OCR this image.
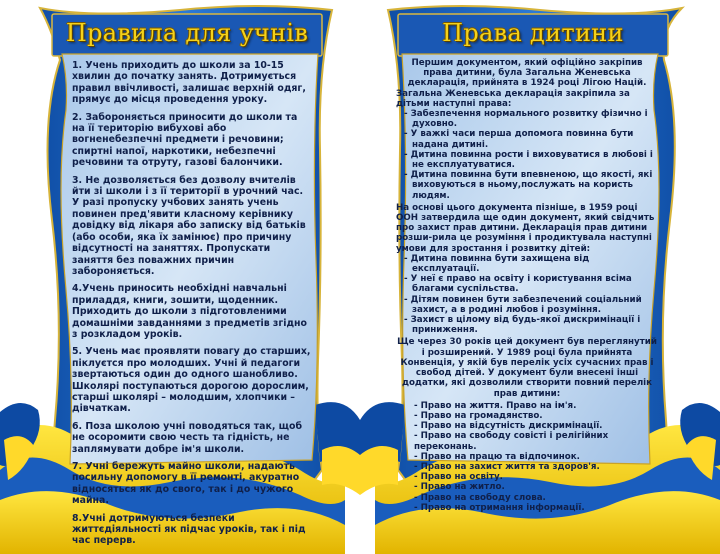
Правила для учнів

1. Учень приходить до школи за 10-15 хвилин до початку занять. Дотримується правил ввічливості, залишає верхній одяг, прямує до місця проведення уроку.

2. Забороняється приносити до школи та на її територію вибухові або вогненебезпечні предмети і речовини; спиртні напої, наркотики, небезпечні речовини та отруту, газові балончики.

3. Не дозволяється без дозволу вчителів йти зі школи і з її території в урочний час. У разі пропуску учбових занять учень повинен пред'явити класному керівнику довідку від лікаря або записку від батьків (або особи, яка їх замінює) про причину відсутності на заняттях. Пропускати заняття без поважних причин забороняється.

4.Учень приносить необхідні навчальні приладдя, книги, зошити, щоденник. Приходить до школи з підготовленими домашніми завданнями з предметів згідно з розкладом уроків.

5. Учень має проявляти повагу до старших, піклуєтся про молодших. Учні й педагоги звертаються один до одного шанобливо. Школярі поступаються дорогою дорослим, старші школярі – молодшим, хлопчики – дівчаткам.

6. Поза школою учні поводяться так, щоб не осоромити свою честь та гідність, не заплямувати добре ім'я школи.

7. Учні бережуть майно школи, надають посильну допомогу в її ремонті, акуратно відносяться як до свого, так і до чужого майна.

8.Учні дотримуються безпеки життєдіяльності як підчас уроків, так і під час перерв.

Права дитини

Першим документом, який офіційно закріпив права дитини, була Загальна Женевська декларація, прийнята в 1924 році Лігою Націй.

Загальна Женевська декларація закріпила за дітьми наступні права:

- Забезпечення нормального розвитку фізично і духовно.
- У важкі часи перша допомога повинна бути надана дитині.
- Дитина повинна рости і виховуватися в любові і не експлуатуватися.
- Дитина повинна бути впевненою, що якості, які виховуються в ньому,послужать на користь людям.

На основі цього документа пізніше, в 1959 році ООН затвердила ще один документ, який свідчить про захист прав дитини. Декларація прав дитини розши-рила це розуміння і продиктувала наступні умови для зростання і розвитку дітей:

- Дитина повинна бути захищена від експлуатації.
- У неї є право на освіту і користування всіма благами суспільства.
- Дітям повинен бути забезпечений соціальний захист, а в родині любов і розуміння.
- Захист в цілому від будь-якої дискримінації і приниження.

Ще через 30 років цей документ був переглянутий і розширений. У 1989 році була прийнята Конвенція, у якій був перелік усіх сучасних прав і свобод дітей. У документ були внесені інші додатки, які дозволили створити повний перелік прав дитини:

- Право на життя. Право на ім'я.
- Право на громадянство.
- Право на відсутність дискримінації.
- Право на свободу совісті і релігійних переконань.
- Право на працю та відпочинок.
- Право на захист життя та здоров'я.
- Право на освіту.
- Право на житло.
- Право на свободу слова.
- Право на отримання інформації.
